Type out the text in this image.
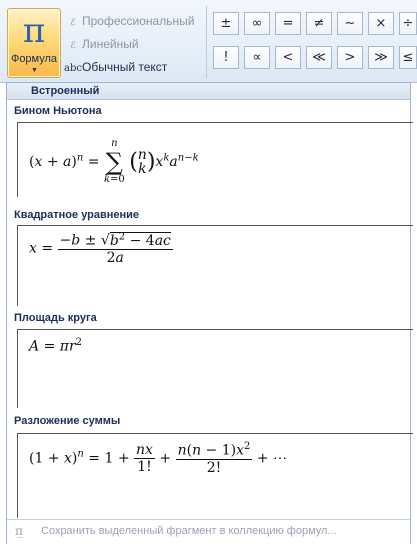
π
Формула
▼
ℰ Профессиональный
ℰ Линейный
abcОбычный текст
±	∞	=	≠	~	×	÷
!	∝	<	≪	>	≫	≤
Встроенный
Бином Ньютона
$(x + a)^n$ =
n
∑
k=0
( n
k )$x^ka^{n-k}$
Квадратное уравнение
$x = \frac{-b \pm √b^2 - 4ac}{2a}$
Площадь круга
$A = \pi r^2$
Разложение суммы
$(1 + x)^n = 1 + \frac{nx}{1!} + \frac{n(n - 1)x^2}{2!}$ + ⋯
π̲	Сохранить выделенный фрагмент в коллекцию формул...
